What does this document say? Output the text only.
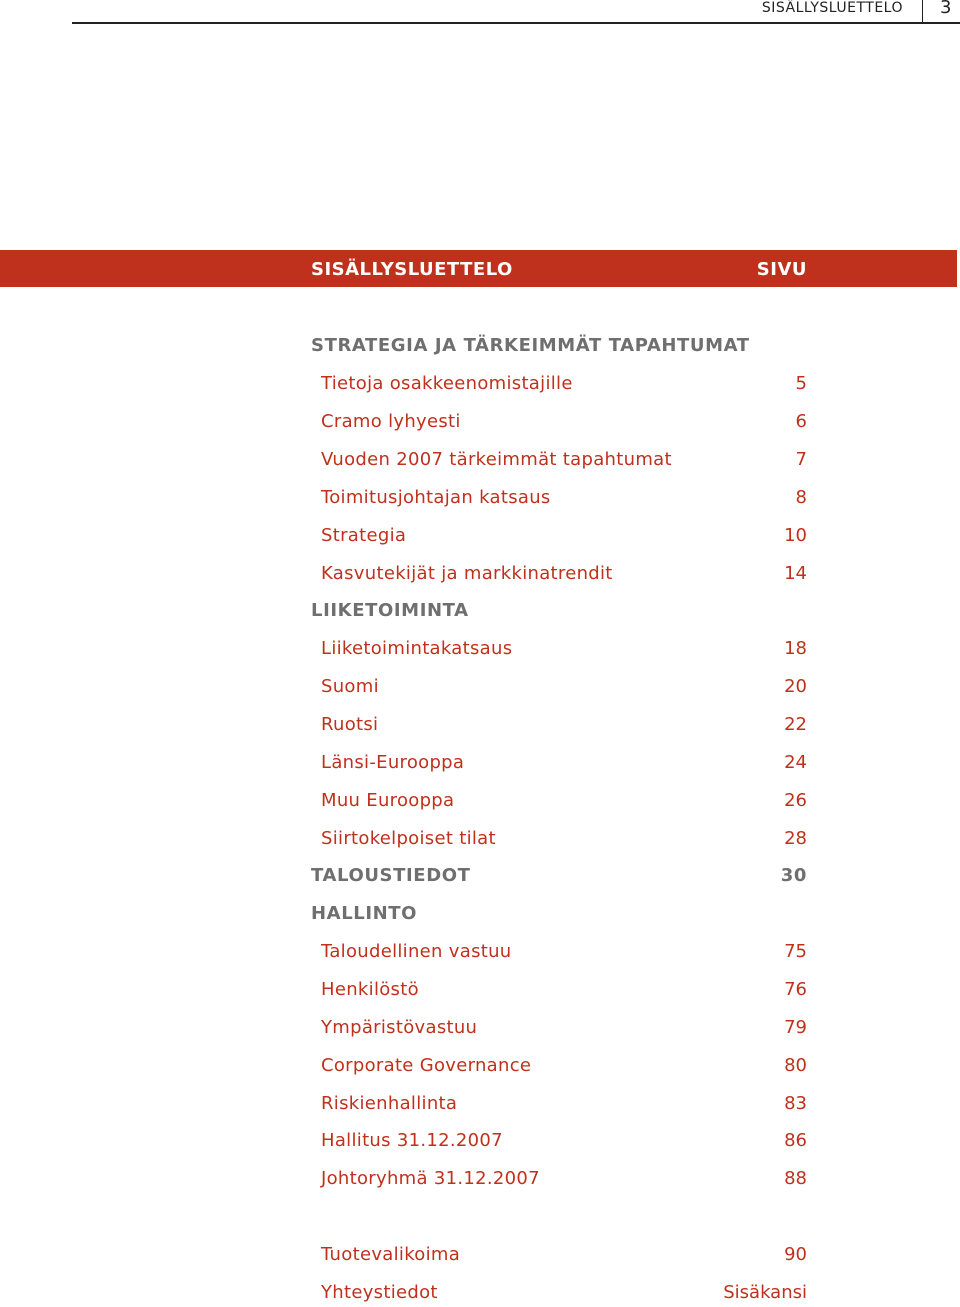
SISÄLLYSLUETTELO 3
SISÄLLYSLUETTELO	SIVU
STRATEGIA JA TÄRKEIMMÄT TAPAHTUMAT
Tietoja osakkeenomistajille	5
Cramo lyhyesti	6
Vuoden 2007 tärkeimmät tapahtumat	7
Toimitusjohtajan katsaus	8
Strategia	10
Kasvutekijät ja markkinatrendit	14
LIIKETOIMINTA
Liiketoimintakatsaus	18
Suomi	20
Ruotsi	22
Länsi-Eurooppa	24
Muu Eurooppa	26
Siirtokelpoiset tilat	28
TALOUSTIEDOT	30
HALLINTO
Taloudellinen vastuu	75
Henkilöstö	76
Ympäristövastuu	79
Corporate Governance	80
Riskienhallinta	83
Hallitus 31.12.2007	86
Johtoryhmä 31.12.2007	88
Tuotevalikoima	90
Yhteystiedot	Sisäkansi
